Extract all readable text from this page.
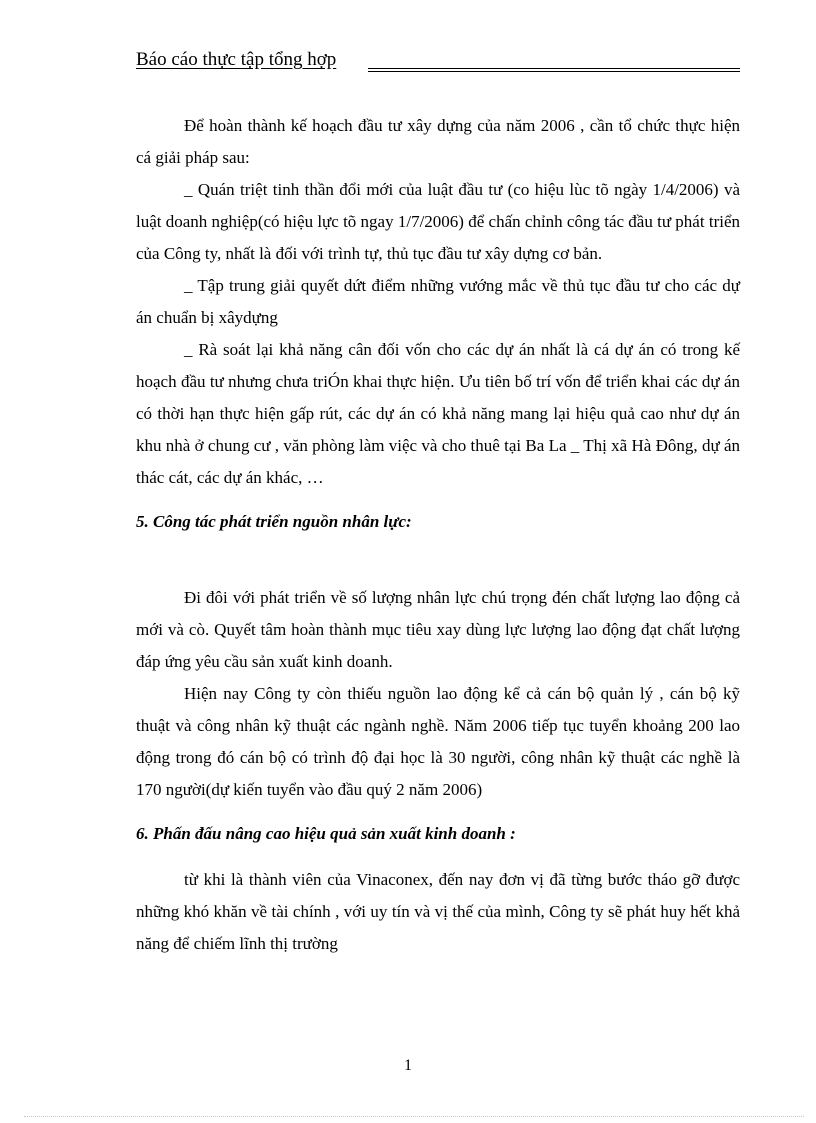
Báo cáo thực tập tổng hợp

Để hoàn thành kế hoạch đầu tư xây dựng của năm 2006 , cần tổ chức thực hiện cá giải pháp sau:

_ Quán triệt tinh thần đổi mới của luật đầu tư (co hiệu lùc tõ ngày 1/4/2006) và luật doanh nghiệp(có hiệu lực tõ ngay 1/7/2006) để chấn chỉnh công tác đầu tư phát triển của Công ty, nhất là đối với trình tự, thủ tục đầu tư xây dựng cơ bản.

_ Tập trung giải quyết dứt điểm những vướng mắc về thủ tục đầu tư cho các dự án chuẩn bị xâydựng

_ Rà soát lại khả năng cân đối vốn cho các dự án nhất là cá dự án có trong kế hoạch đầu tư nhưng chưa triÓn khai thực hiện. Ưu tiên bố trí vốn để triển khai các dự án có thời hạn thực hiện gấp rút, các dự án có khả năng mang lại hiệu quả cao như dự án khu nhà ở chung cư , văn phòng làm việc và cho thuê tại Ba La _ Thị xã Hà Đông, dự án thác cát, các dự án khác, …

5. Công tác phát triển nguồn nhân lực:

Đi đôi với phát triển về số lượng nhân lực chú trọng đén chất lượng lao động cả mới và cò. Quyết tâm hoàn thành mục tiêu xay dùng lực lượng lao động đạt chất lượng đáp ứng yêu cầu sản xuất kinh doanh.

Hiện nay Công ty còn thiếu nguồn lao động kể cả cán bộ quản lý , cán bộ kỹ thuật và công nhân kỹ thuật các ngành nghề. Năm 2006 tiếp tục tuyển khoảng 200 lao động trong đó cán bộ có trình độ đại học là 30 người, công nhân kỹ thuật các nghề là 170 người(dự kiến tuyển vào đầu quý 2 năm 2006)

6. Phấn đấu nâng cao hiệu quả sản xuất kinh doanh :

từ khi là thành viên của Vinaconex, đến nay đơn vị đã từng bước tháo gỡ được những khó khăn về tài chính , với uy tín và vị thế của mình, Công ty sẽ phát huy hết khả năng để chiếm lĩnh thị trường

1
